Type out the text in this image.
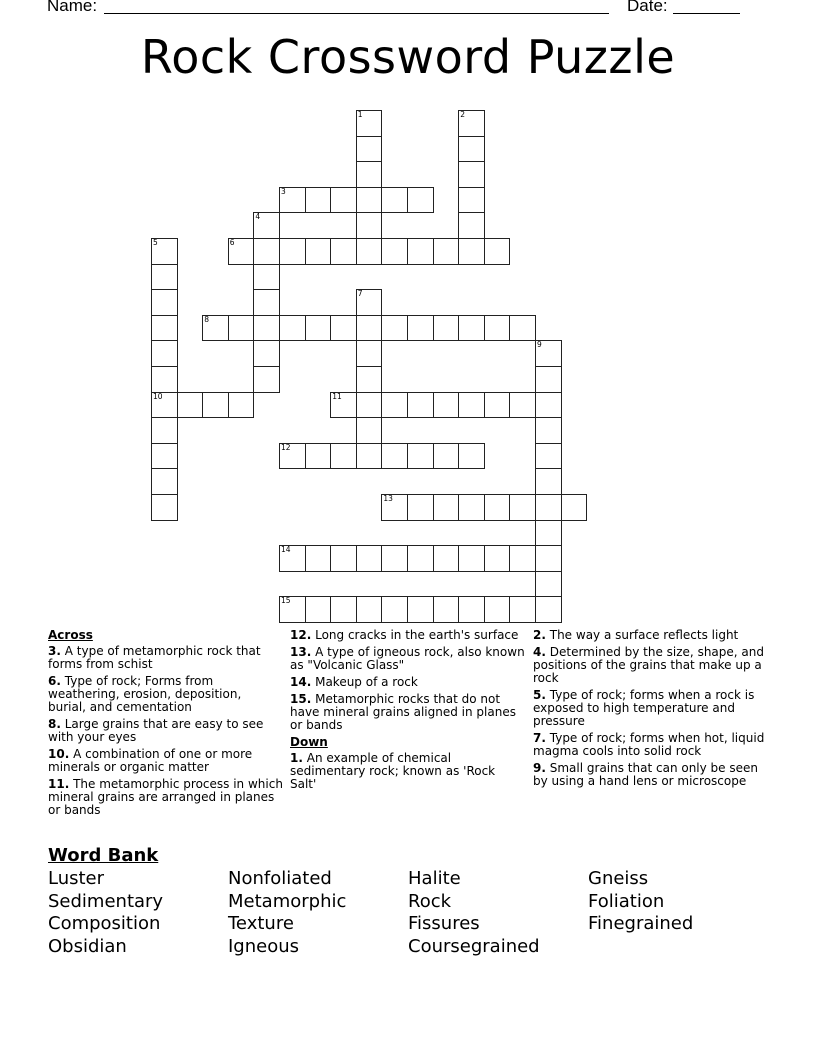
Name:	Date:
Rock Crossword Puzzle
1	2
3
4
5
10
6
7
8
9
11
12
13
14
15
Across
3. A type of metamorphic rock that forms from schist
6. Type of rock; Forms from weathering, erosion, deposition, burial, and cementation
8. Large grains that are easy to see with your eyes
10. A combination of one or more minerals or organic matter
11. The metamorphic process in which mineral grains are arranged in planes or bands
12. Long cracks in the earth's surface
13. A type of igneous rock, also known as "Volcanic Glass"
14. Makeup of a rock
15. Metamorphic rocks that do not have mineral grains aligned in planes or bands
Down
1. An example of chemical sedimentary rock; known as 'Rock Salt'
2. The way a surface reflects light
4. Determined by the size, shape, and positions of the grains that make up a rock
5. Type of rock; forms when a rock is exposed to high temperature and pressure
7. Type of rock; forms when hot, liquid magma cools into solid rock
9. Small grains that can only be seen by using a hand lens or microscope
Word Bank
Luster	Nonfoliated	Halite	Gneiss
Sedimentary	Metamorphic	Rock	Foliation
Composition	Texture	Fissures	Finegrained
Obsidian	Igneous	Coursegrained
